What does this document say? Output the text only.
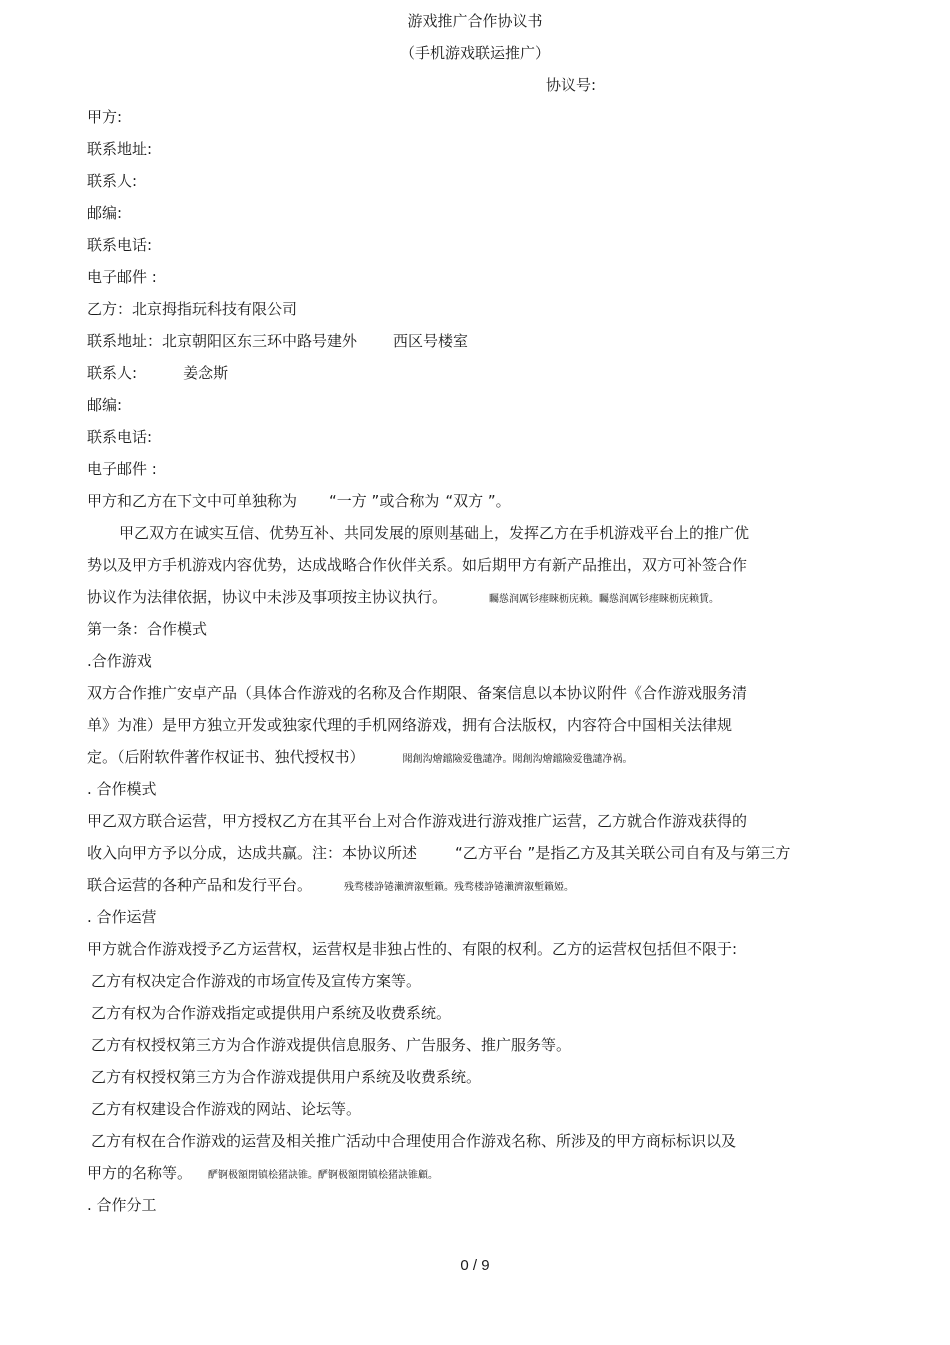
游戏推广合作协议书
（手机游戏联运推广）
协议号:
甲方:
联系地址:
联系人:
邮编:
联系电话:
电子邮件 :
乙方：北京拇指玩科技有限公司
联系地址：北京朝阳区东三环中路号建外 西区号楼室
联系人:	姜念斯
邮编:
联系电话:
电子邮件 :
甲方和乙方在下文中可单独称为 “一方 ”或合称为 “双方 ”。
甲乙双方在诚实互信、优势互补、共同发展的原则基础上，发挥乙方在手机游戏平台上的推广优
势以及甲方手机游戏内容优势，达成战略合作伙伴关系。如后期甲方有新产品推出，双方可补签合作
协议作为法律依据，协议中未涉及事项按主协议执行。	矚慫润厲钐瘗睞枥庑赖。矚慫润厲钐瘗睞枥庑赖賃。
第一条：合作模式
.合作游戏
双方合作推广安卓产品（具体合作游戏的名称及合作期限、备案信息以本协议附件《合作游戏服务清
单》为准）是甲方独立开发或独家代理的手机网络游戏，拥有合法版权，内容符合中国相关法律规
定。（后附软件著作权证书、独代授权书）	聞創沟燴鐺險爱氇譴净。聞創沟燴鐺險爱氇譴净祸。
. 合作模式
甲乙双方联合运营，甲方授权乙方在其平台上对合作游戏进行游戏推广运营，乙方就合作游戏获得的
收入向甲方予以分成，达成共赢。注：本协议所述	“乙方平台 ”是指乙方及其关联公司自有及与第三方
联合运营的各种产品和发行平台。	残骛楼諍锩瀨濟溆塹籟。残骛楼諍锩瀨濟溆塹籟婭。
. 合作运营
甲方就合作游戏授予乙方运营权，运营权是非独占性的、有限的权利。乙方的运营权包括但不限于:
乙方有权决定合作游戏的市场宣传及宣传方案等。
乙方有权为合作游戏指定或提供用户系统及收费系统。
乙方有权授权第三方为合作游戏提供信息服务、广告服务、推广服务等。
乙方有权授权第三方为合作游戏提供用户系统及收费系统。
乙方有权建设合作游戏的网站、论坛等。
乙方有权在合作游戏的运营及相关推广活动中合理使用合作游戏名称、所涉及的甲方商标标识以及
甲方的名称等。 酽锕极額閉镇桧猪訣锥。酽锕极額閉镇桧猪訣锥顧。
. 合作分工
0 / 9
